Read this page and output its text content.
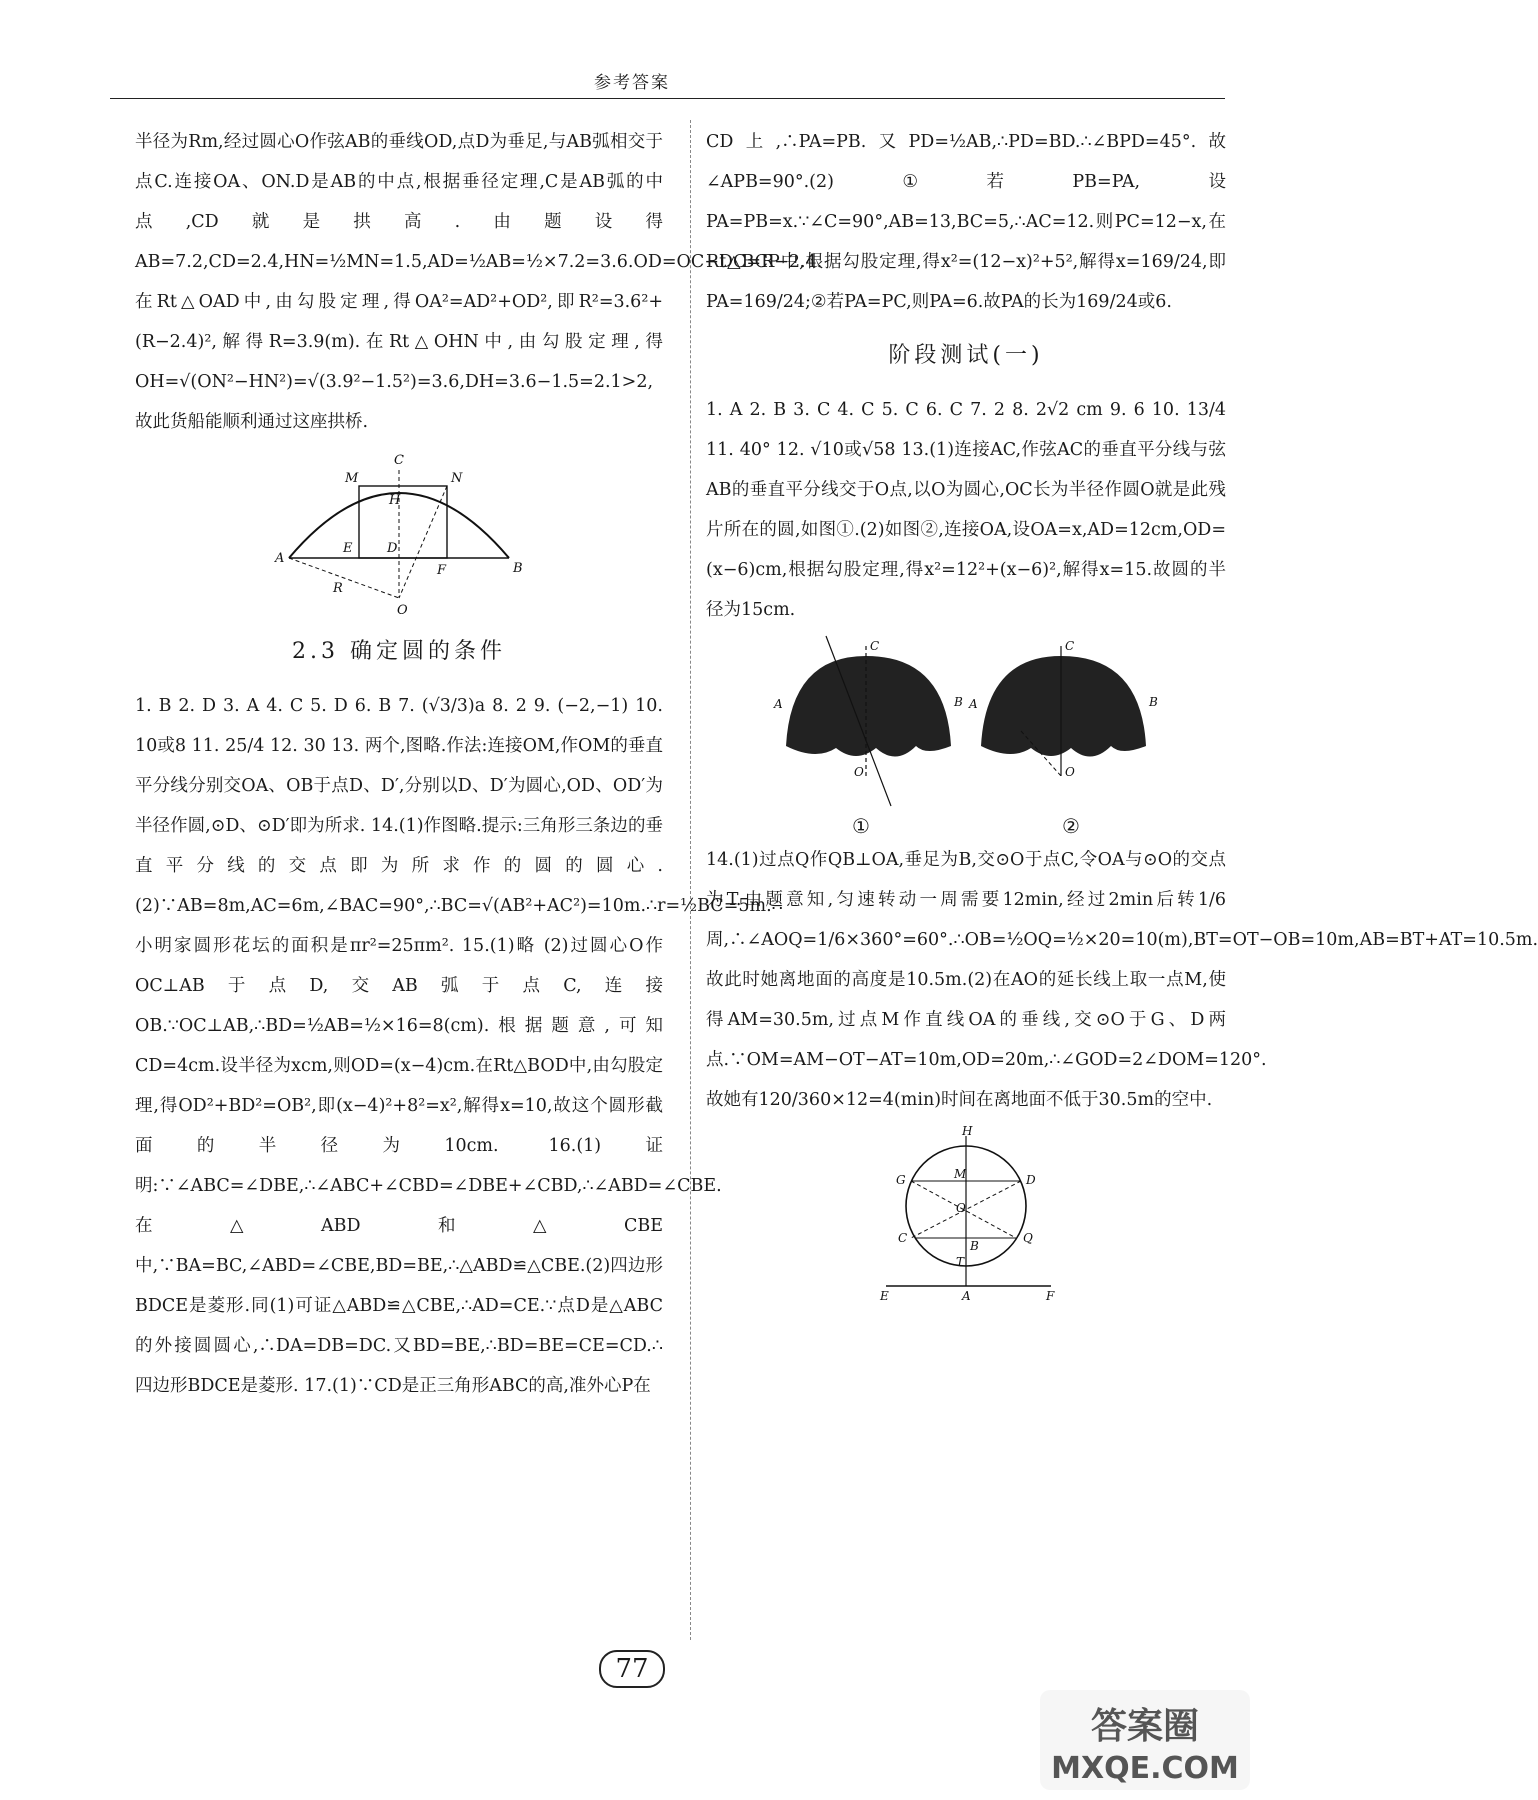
参考答案

半径为Rm,经过圆心O作弦AB的垂线OD,点D为垂足,与AB弧相交于点C.连接OA、ON.D是AB的中点,根据垂径定理,C是AB弧的中点,CD就是拱高.由题设得AB=7.2,CD=2.4,HN=½MN=1.5,AD=½AB=½×7.2=3.6.OD=OC−DC=R−2.4.在Rt△OAD中,由勾股定理,得OA²=AD²+OD²,即R²=3.6²+(R−2.4)²,解得R=3.9(m).在Rt△OHN中,由勾股定理,得OH=√(ON²−HN²)=√(3.9²−1.5²)=3.6,DH=3.6−1.5=2.1>2,故此货船能顺利通过这座拱桥.

M
C
N
H
E	D
A
B
F
R
O
2.3 确定圆的条件

1. B 2. D 3. A 4. C 5. D 6. B 7. (√3/3)a 8. 2 9. (−2,−1) 10. 10或8 11. 25/4 12. 30 13. 两个,图略.作法:连接OM,作OM的垂直平分线分别交OA、OB于点D、D′,分别以D、D′为圆心,OD、OD′为半径作圆,⊙D、⊙D′即为所求. 14.(1)作图略.提示:三角形三条边的垂直平分线的交点即为所求作的圆的圆心.(2)∵AB=8m,AC=6m,∠BAC=90°,∴BC=√(AB²+AC²)=10m.∴r=½BC=5m.∴小明家圆形花坛的面积是πr²=25πm². 15.(1)略 (2)过圆心O作OC⊥AB于点D,交AB弧于点C,连接OB.∵OC⊥AB,∴BD=½AB=½×16=8(cm).根据题意,可知CD=4cm.设半径为xcm,则OD=(x−4)cm.在Rt△BOD中,由勾股定理,得OD²+BD²=OB²,即(x−4)²+8²=x²,解得x=10,故这个圆形截面的半径为10cm. 16.(1)证明:∵∠ABC=∠DBE,∴∠ABC+∠CBD=∠DBE+∠CBD,∴∠ABD=∠CBE.在△ABD和△CBE中,∵BA=BC,∠ABD=∠CBE,BD=BE,∴△ABD≌△CBE.(2)四边形BDCE是菱形.同(1)可证△ABD≌△CBE,∴AD=CE.∵点D是△ABC的外接圆圆心,∴DA=DB=DC.又BD=BE,∴BD=BE=CE=CD.∴四边形BDCE是菱形. 17.(1)∵CD是正三角形ABC的高,准外心P在

CD上,∴PA=PB.又PD=½AB,∴PD=BD.∴∠BPD=45°.故∠APB=90°.(2)①若PB=PA,设PA=PB=x.∵∠C=90°,AB=13,BC=5,∴AC=12.则PC=12−x,在Rt△BCP中,根据勾股定理,得x²=(12−x)²+5²,解得x=169/24,即PA=169/24;②若PA=PC,则PA=6.故PA的长为169/24或6.

阶段测试(一)

1. A 2. B 3. C 4. C 5. C 6. C 7. 2 8. 2√2 cm 9. 6 10. 13/4 11. 40° 12. √10或√58 13.(1)连接AC,作弦AC的垂直平分线与弦AB的垂直平分线交于O点,以O为圆心,OC长为半径作圆O就是此残片所在的圆,如图①.(2)如图②,连接OA,设OA=x,AD=12cm,OD=(x−6)cm,根据勾股定理,得x²=12²+(x−6)²,解得x=15.故圆的半径为15cm.

C
A	B
O
C
A	B
O
①	②

14.(1)过点Q作QB⊥OA,垂足为B,交⊙O于点C,令OA与⊙O的交点为T.由题意知,匀速转动一周需要12min,经过2min后转1/6周,∴∠AOQ=1/6×360°=60°.∴OB=½OQ=½×20=10(m),BT=OT−OB=10m,AB=BT+AT=10.5m.故此时她离地面的高度是10.5m.(2)在AO的延长线上取一点M,使得AM=30.5m,过点M作直线OA的垂线,交⊙O于G、D两点.∵OM=AM−OT−AT=10m,OD=20m,∴∠GOD=2∠DOM=120°.故她有120/360×12=4(min)时间在离地面不低于30.5m的空中.

H
G	D
M
O
C	Q
B
T
E	A	F
77
答案圈
MXQE.COM
